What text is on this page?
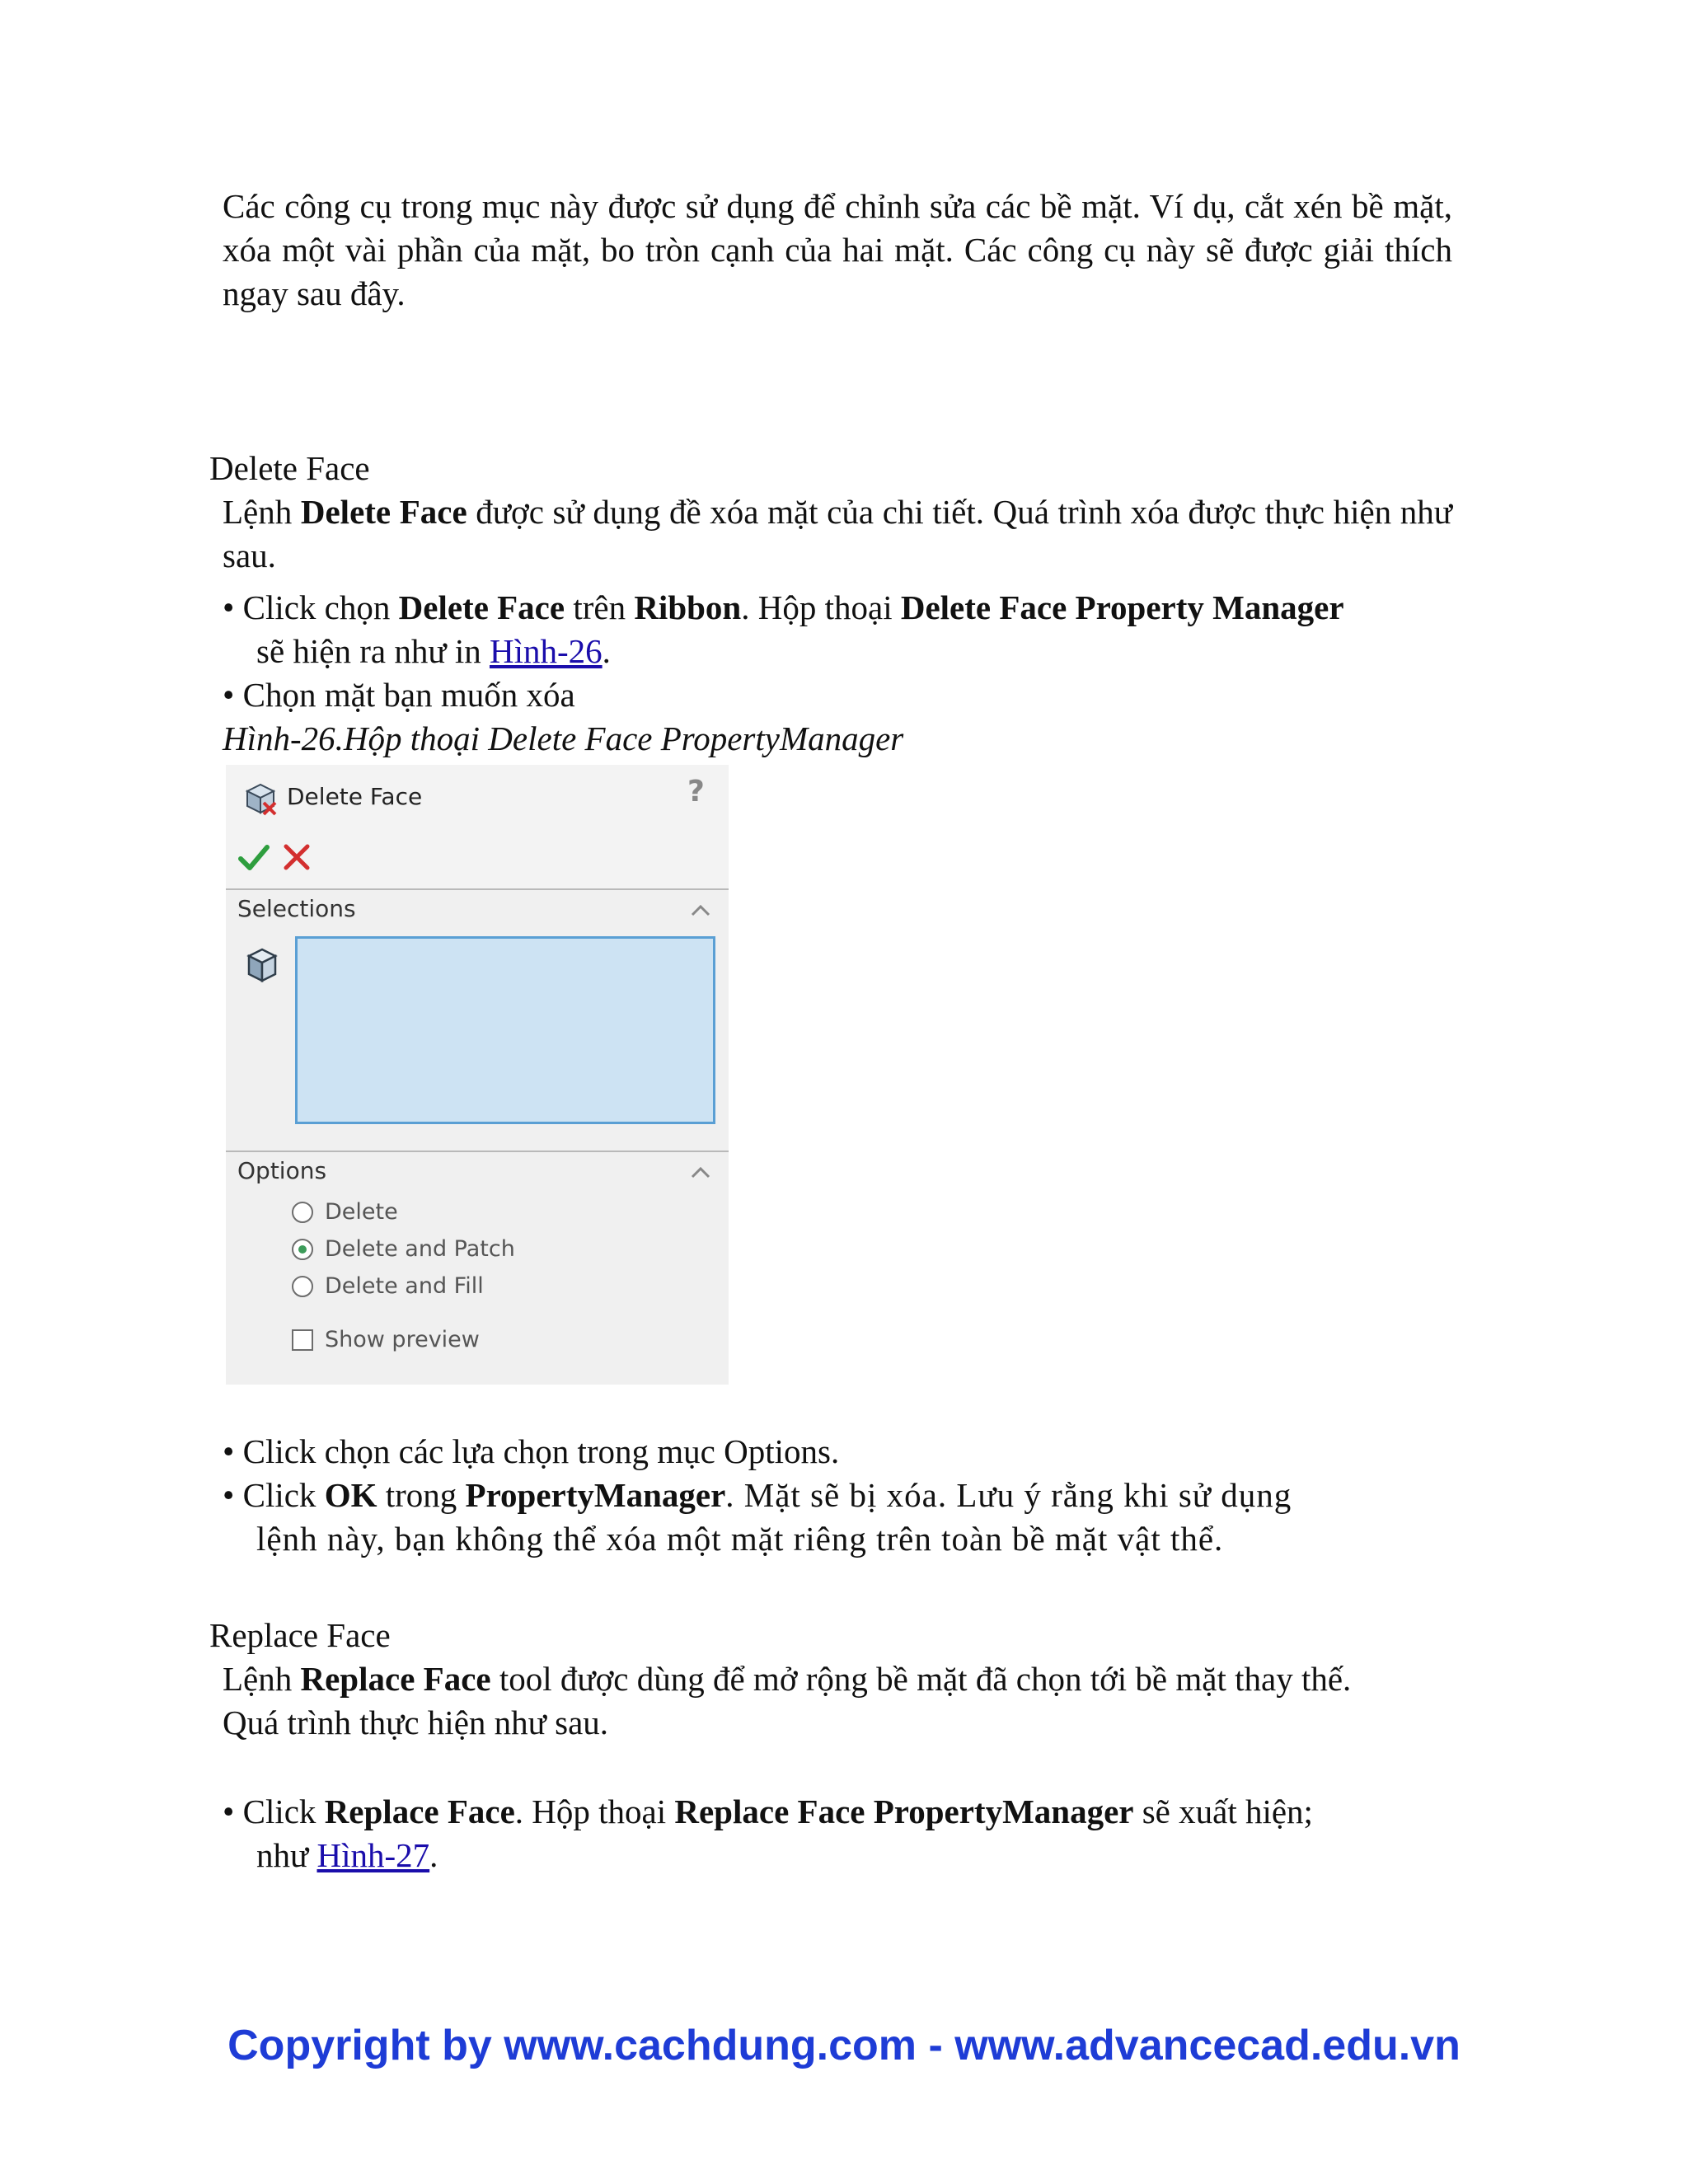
Các công cụ trong mục này được sử dụng để chỉnh sửa các bề mặt. Ví dụ, cắt xén bề mặt, xóa một vài phần của mặt, bo tròn cạnh của hai mặt. Các công cụ này sẽ được giải thích ngay sau đây.
Delete Face
Lệnh Delete Face được sử dụng đề xóa mặt của chi tiết. Quá trình xóa được thực hiện như sau.
• Click chọn Delete Face trên Ribbon. Hộp thoại Delete Face Property Manager
sẽ hiện ra như in Hình-26.
• Chọn mặt bạn muốn xóa
Hình-26.Hộp thoại Delete Face PropertyManager
Delete Face	?
Selections
Options
Delete
Delete and Patch
Delete and Fill
Show preview
• Click chọn các lựa chọn trong mục Options.
• Click OK trong PropertyManager. Mặt sẽ bị xóa. Lưu ý rằng khi sử dụng
lệnh này, bạn không thể xóa một mặt riêng trên toàn bề mặt vật thể.
Replace Face
Lệnh Replace Face tool được dùng để mở rộng bề mặt đã chọn tới bề mặt thay thế.
Quá trình thực hiện như sau.
• Click Replace Face. Hộp thoại Replace Face PropertyManager sẽ xuất hiện;
như Hình-27.
Copyright by www.cachdung.com - www.advancecad.edu.vn
